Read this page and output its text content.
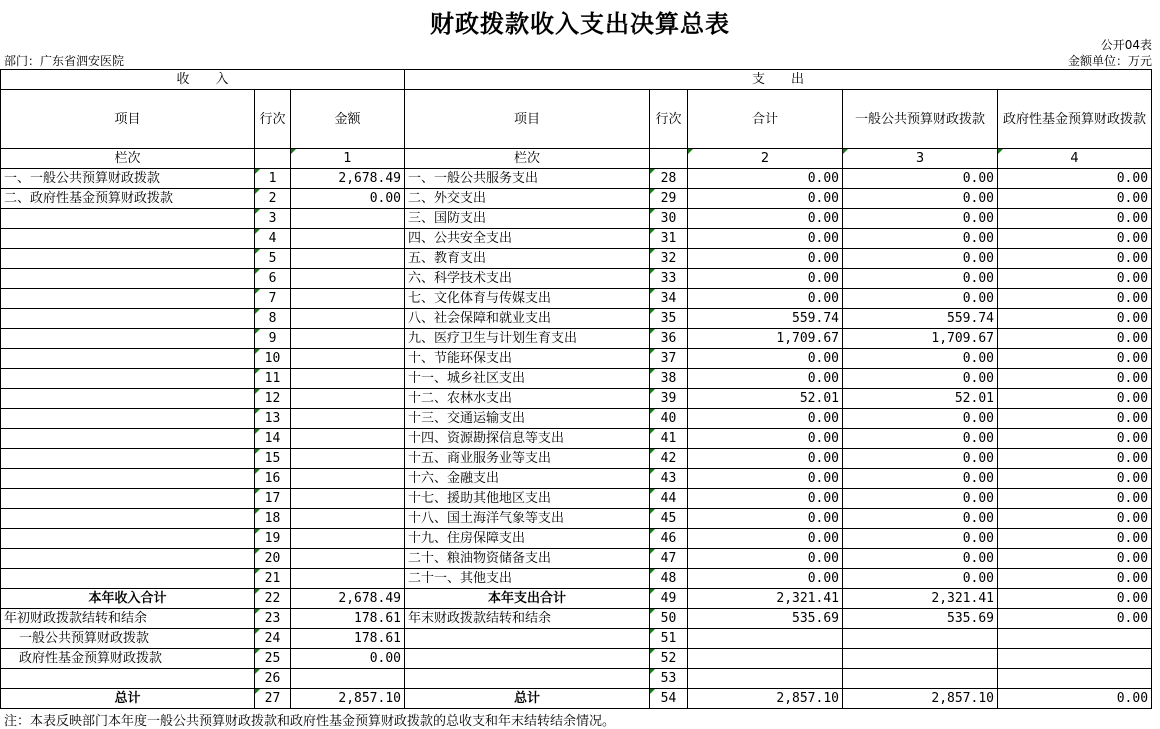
财政拨款收入支出决算总表
公开04表
部门：广东省泗安医院	金额单位：万元
收　　入			支　　出				
项目	行次	金额	项目	行次	合计	一般公共预算财政拨款	政府性基金预算财政拨款
栏次		1	栏次		2	3	4
一、一般公共预算财政拨款	1	2,678.49	一、一般公共服务支出	28	0.00	0.00	0.00
二、政府性基金预算财政拨款	2	0.00	二、外交支出	29	0.00	0.00	0.00
	3		三、国防支出	30	0.00	0.00	0.00
	4		四、公共安全支出	31	0.00	0.00	0.00
	5		五、教育支出	32	0.00	0.00	0.00
	6		六、科学技术支出	33	0.00	0.00	0.00
	7		七、文化体育与传媒支出	34	0.00	0.00	0.00
	8		八、社会保障和就业支出	35	559.74	559.74	0.00
	9		九、医疗卫生与计划生育支出	36	1,709.67	1,709.67	0.00
	10		十、节能环保支出	37	0.00	0.00	0.00
	11		十一、城乡社区支出	38	0.00	0.00	0.00
	12		十二、农林水支出	39	52.01	52.01	0.00
	13		十三、交通运输支出	40	0.00	0.00	0.00
	14		十四、资源勘探信息等支出	41	0.00	0.00	0.00
	15		十五、商业服务业等支出	42	0.00	0.00	0.00
	16		十六、金融支出	43	0.00	0.00	0.00
	17		十七、援助其他地区支出	44	0.00	0.00	0.00
	18		十八、国土海洋气象等支出	45	0.00	0.00	0.00
	19		十九、住房保障支出	46	0.00	0.00	0.00
	20		二十、粮油物资储备支出	47	0.00	0.00	0.00
	21		二十一、其他支出	48	0.00	0.00	0.00
本年收入合计	22	2,678.49	本年支出合计	49	2,321.41	2,321.41	0.00
年初财政拨款结转和结余	23	178.61	年末财政拨款结转和结余	50	535.69	535.69	0.00
一般公共预算财政拨款	24	178.61		51			
政府性基金预算财政拨款	25	0.00		52			
	26			53			
总计	27	2,857.10	总计	54	2,857.10	2,857.10	0.00
注：本表反映部门本年度一般公共预算财政拨款和政府性基金预算财政拨款的总收支和年末结转结余情况。
